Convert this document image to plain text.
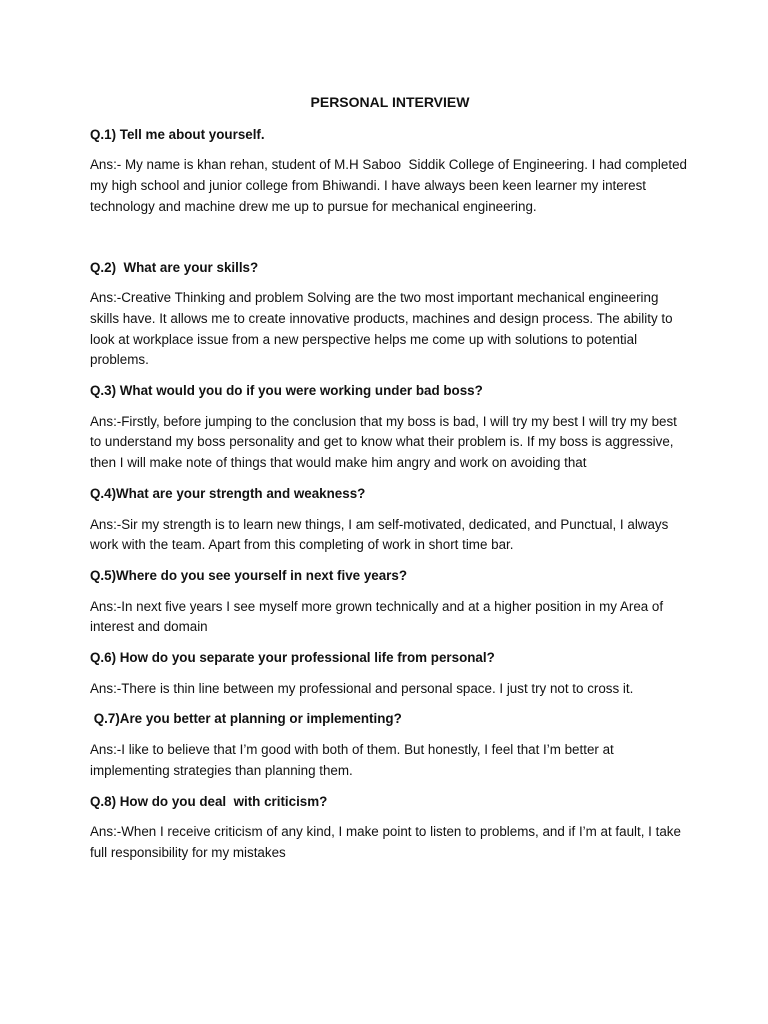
PERSONAL INTERVIEW
Q.1) Tell me about yourself.
Ans:- My name is khan rehan, student of M.H Saboo  Siddik College of Engineering. I had completed my high school and junior college from Bhiwandi. I have always been keen learner my interest technology and machine drew me up to pursue for mechanical engineering.
Q.2)  What are your skills?
Ans:-Creative Thinking and problem Solving are the two most important mechanical engineering skills have. It allows me to create innovative products, machines and design process. The ability to look at workplace issue from a new perspective helps me come up with solutions to potential problems.
Q.3) What would you do if you were working under bad boss?
Ans:-Firstly, before jumping to the conclusion that my boss is bad, I will try my best I will try my best to understand my boss personality and get to know what their problem is. If my boss is aggressive, then I will make note of things that would make him angry and work on avoiding that
Q.4)What are your strength and weakness?
Ans:-Sir my strength is to learn new things, I am self-motivated, dedicated, and Punctual, I always work with the team. Apart from this completing of work in short time bar.
Q.5)Where do you see yourself in next five years?
Ans:-In next five years I see myself more grown technically and at a higher position in my Area of interest and domain
Q.6) How do you separate your professional life from personal?
Ans:-There is thin line between my professional and personal space. I just try not to cross it.
Q.7)Are you better at planning or implementing?
Ans:-I like to believe that I’m good with both of them. But honestly, I feel that I’m better at implementing strategies than planning them.
Q.8) How do you deal  with criticism?
Ans:-When I receive criticism of any kind, I make point to listen to problems, and if I’m at fault, I take full responsibility for my mistakes
